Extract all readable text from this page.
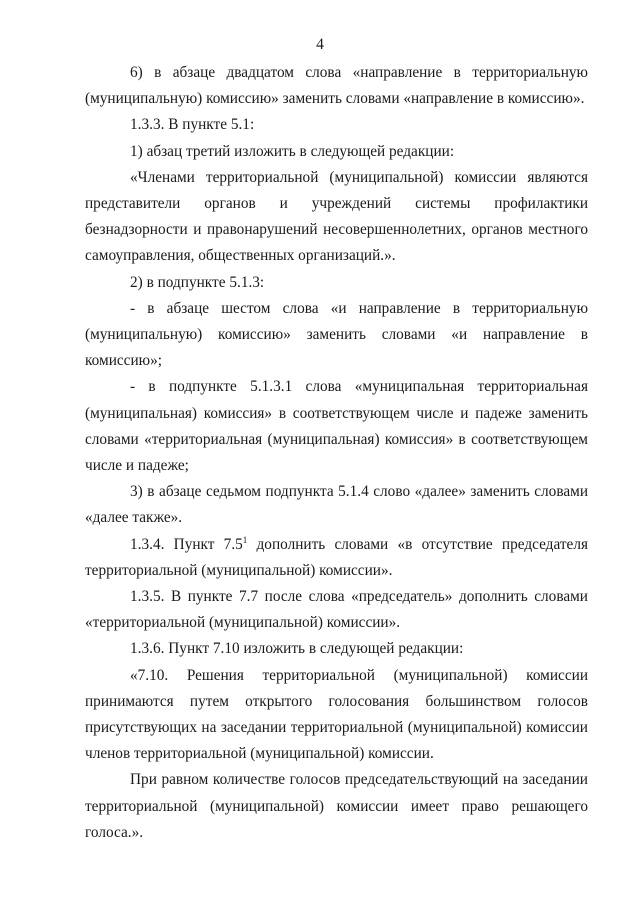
4

6) в абзаце двадцатом слова «направление в территориальную (муниципальную) комиссию» заменить словами «направление в комиссию».

1.3.3. В пункте 5.1:

1) абзац третий изложить в следующей редакции:

«Членами территориальной (муниципальной) комиссии являются представители органов и учреждений системы профилактики безнадзорности и правонарушений несовершеннолетних, органов местного самоуправления, общественных организаций.».

2) в подпункте 5.1.3:

- в абзаце шестом слова «и направление в территориальную (муниципальную) комиссию» заменить словами «и направление в комиссию»;

- в подпункте 5.1.3.1 слова «муниципальная территориальная (муниципальная) комиссия» в соответствующем числе и падеже заменить словами «территориальная (муниципальная) комиссия» в соответствующем числе и падеже;

3) в абзаце седьмом подпункта 5.1.4 слово «далее» заменить словами «далее также».

1.3.4. Пункт $7.5^1$ дополнить словами «в отсутствие председателя территориальной (муниципальной) комиссии».

1.3.5. В пункте 7.7 после слова «председатель» дополнить словами «территориальной (муниципальной) комиссии».

1.3.6. Пункт 7.10 изложить в следующей редакции:

«7.10. Решения территориальной (муниципальной) комиссии принимаются путем открытого голосования большинством голосов присутствующих на заседании территориальной (муниципальной) комиссии членов территориальной (муниципальной) комиссии.

При равном количестве голосов председательствующий на заседании территориальной (муниципальной) комиссии имеет право решающего голоса.».
